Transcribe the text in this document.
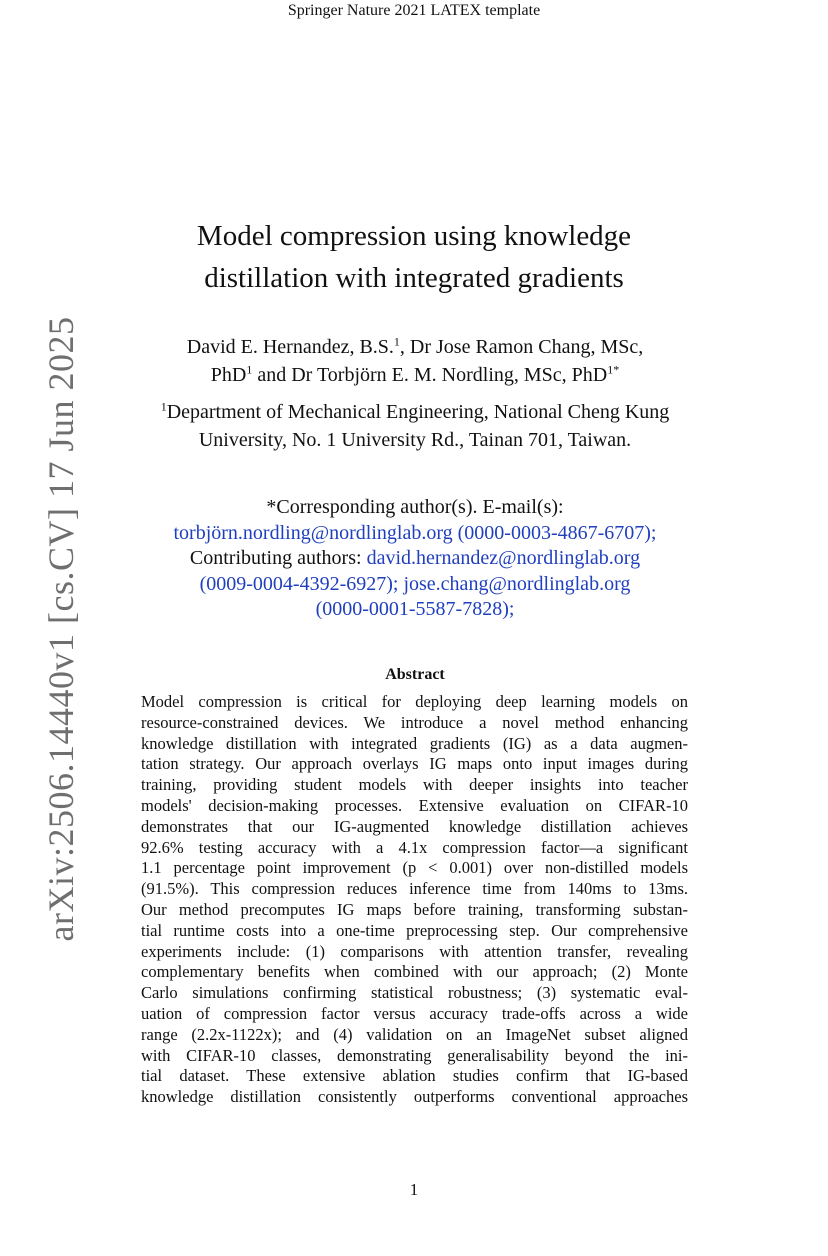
Springer Nature 2021 LATEX template
arXiv:2506.14440v1 [cs.CV] 17 Jun 2025
Model compression using knowledge
distillation with integrated gradients
David E. Hernandez, B.S.$^1$, Dr Jose Ramon Chang, MSc,
PhD$^1$ and Dr Torbjörn E. M. Nordling, MSc, PhD$^{1*}$
$^1$Department of Mechanical Engineering, National Cheng Kung
University, No. 1 University Rd., Tainan 701, Taiwan.
*Corresponding author(s). E-mail(s):
torbjörn.nordling@nordlinglab.org (0000-0003-4867-6707);
Contributing authors: david.hernandez@nordlinglab.org
(0009-0004-4392-6927); jose.chang@nordlinglab.org
(0000-0001-5587-7828);
Abstract
Model compression is critical for deploying deep learning models on
resource-constrained devices. We introduce a novel method enhancing
knowledge distillation with integrated gradients (IG) as a data augmen-
tation strategy. Our approach overlays IG maps onto input images during
training, providing student models with deeper insights into teacher
models' decision-making processes. Extensive evaluation on CIFAR-10
demonstrates that our IG-augmented knowledge distillation achieves
92.6% testing accuracy with a 4.1x compression factor—a significant
1.1 percentage point improvement (p < 0.001) over non-distilled models
(91.5%). This compression reduces inference time from 140ms to 13ms.
Our method precomputes IG maps before training, transforming substan-
tial runtime costs into a one-time preprocessing step. Our comprehensive
experiments include: (1) comparisons with attention transfer, revealing
complementary benefits when combined with our approach; (2) Monte
Carlo simulations confirming statistical robustness; (3) systematic eval-
uation of compression factor versus accuracy trade-offs across a wide
range (2.2x-1122x); and (4) validation on an ImageNet subset aligned
with CIFAR-10 classes, demonstrating generalisability beyond the ini-
tial dataset. These extensive ablation studies confirm that IG-based
knowledge distillation consistently outperforms conventional approaches
1
